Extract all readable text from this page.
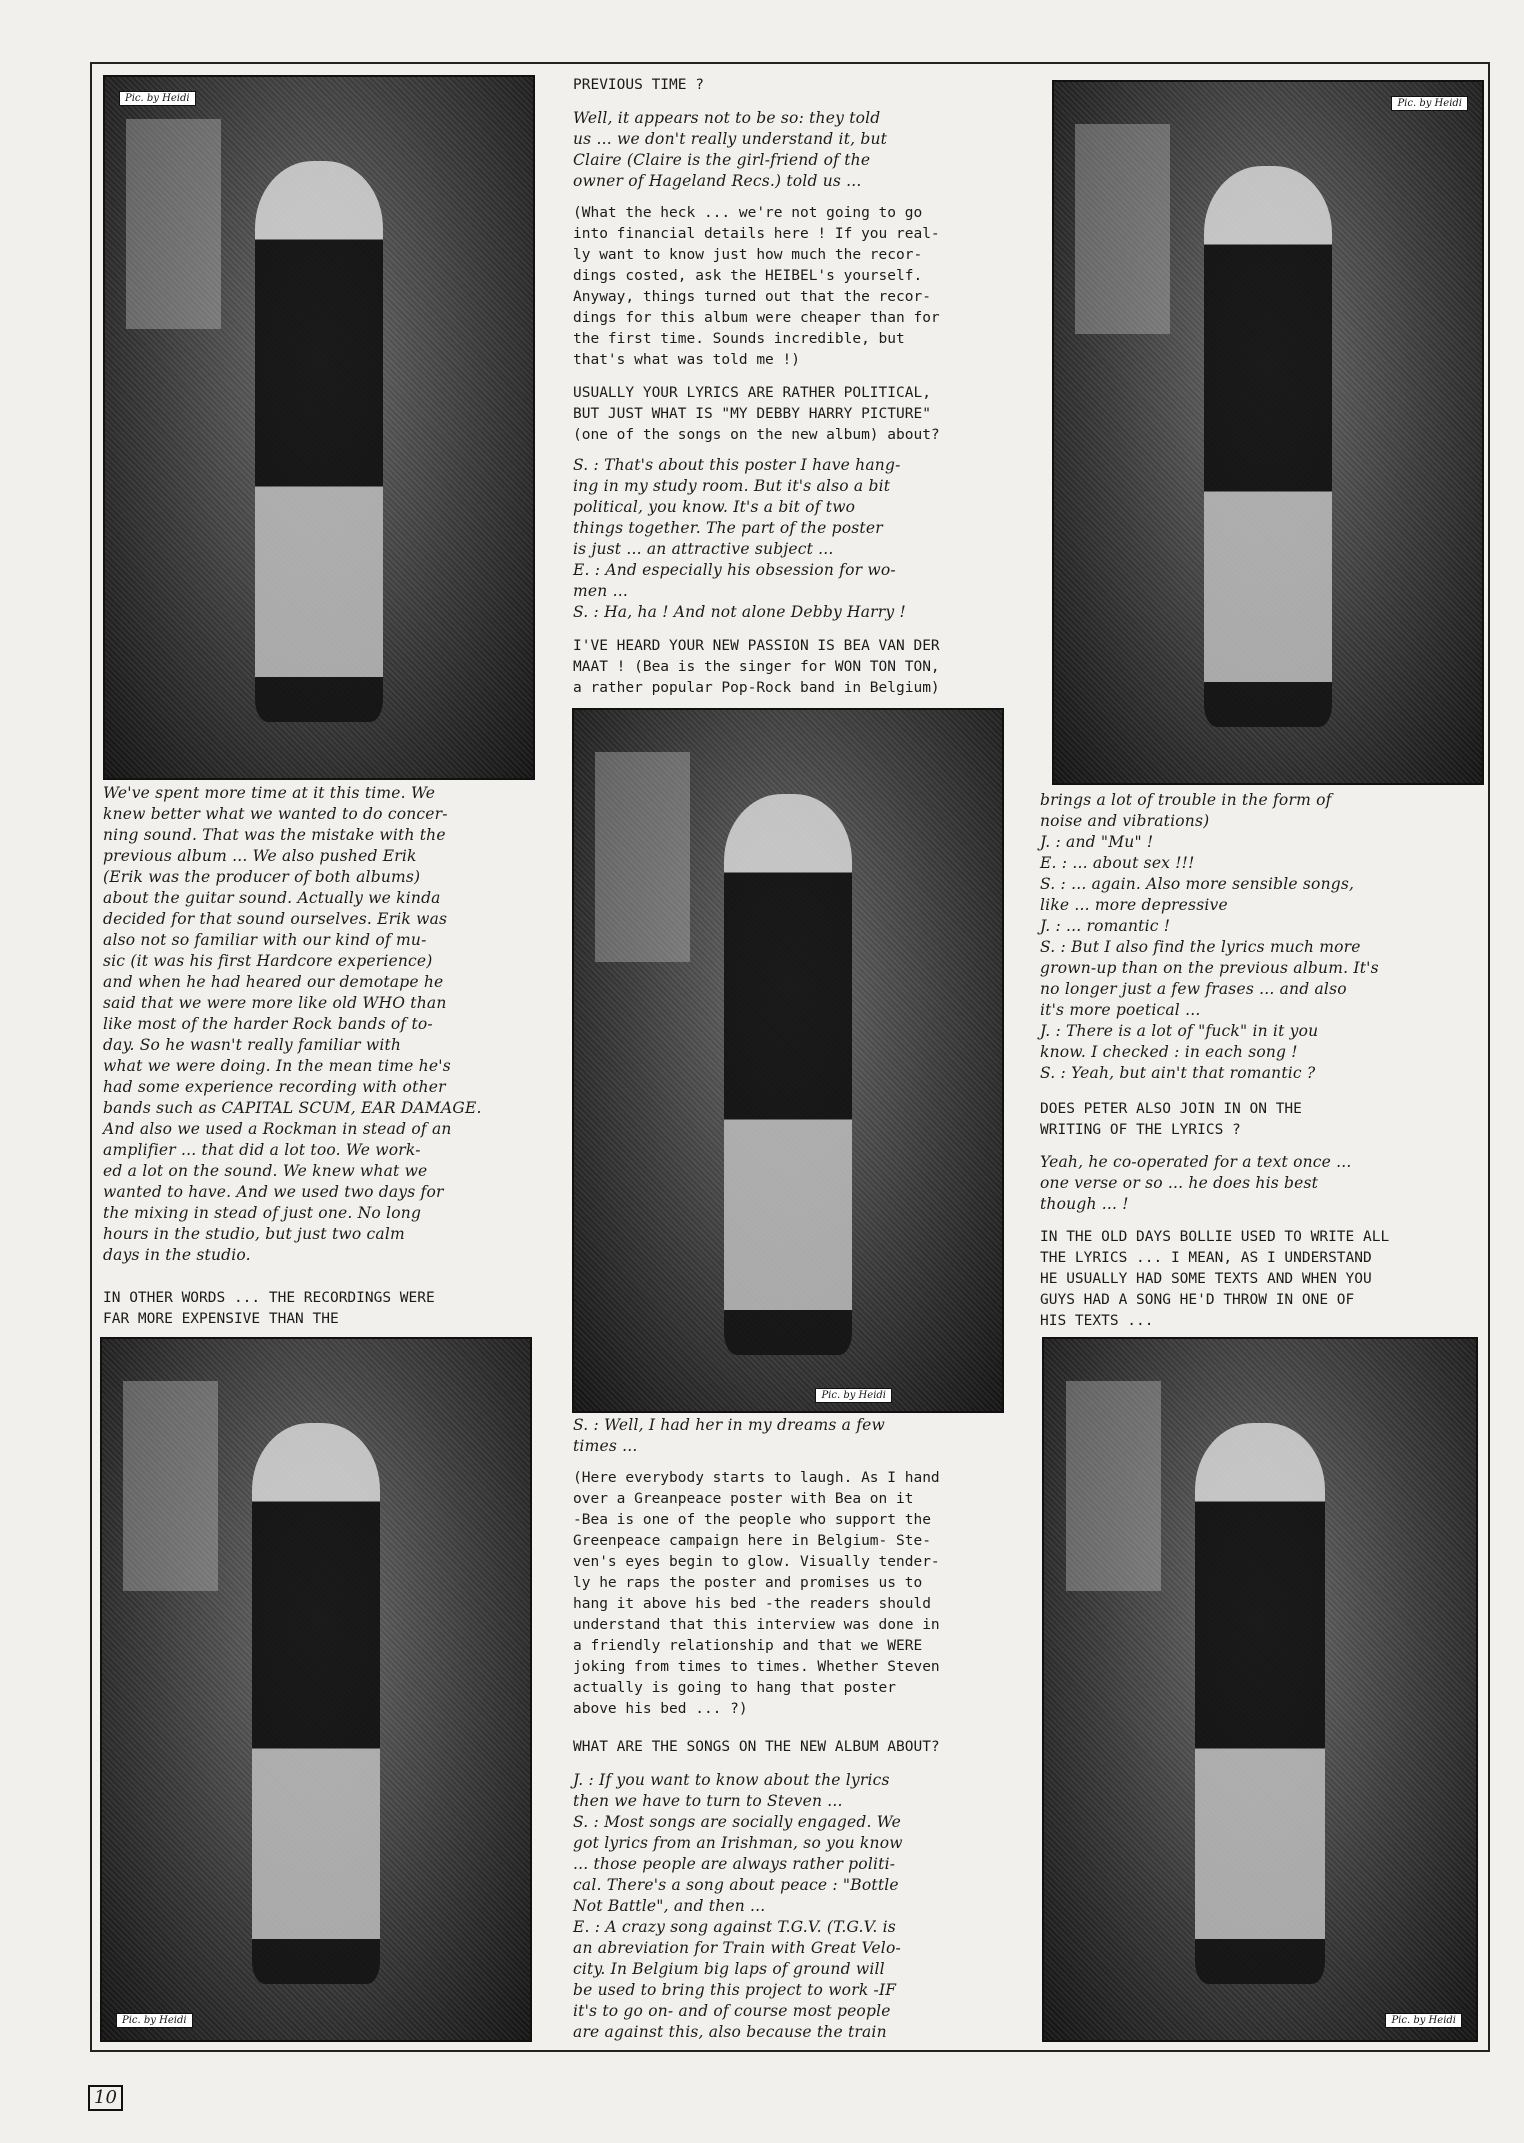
Pic. by Heidi	Pic. by Heidi
Pic. by Heidi
Pic. by Heidi	Pic. by Heidi
We've spent more time at it this time. We
knew better what we wanted to do concer-
ning sound. That was the mistake with the
previous album ... We also pushed Erik
(Erik was the producer of both albums)
about the guitar sound. Actually we kinda
decided for that sound ourselves. Erik was
also not so familiar with our kind of mu-
sic (it was his first Hardcore experience)
and when he had heared our demotape he
said that we were more like old WHO than
like most of the harder Rock bands of to-
day. So he wasn't really familiar with
what we were doing. In the mean time he's
had some experience recording with other
bands such as CAPITAL SCUM, EAR DAMAGE.
And also we used a Rockman in stead of an
amplifier ... that did a lot too. We work-
ed a lot on the sound. We knew what we
wanted to have. And we used two days for
the mixing in stead of just one. No long
hours in the studio, but just two calm
days in the studio.
IN OTHER WORDS ... THE RECORDINGS WERE
FAR MORE EXPENSIVE THAN THE
PREVIOUS TIME ?
Well, it appears not to be so: they told
us ... we don't really understand it, but
Claire (Claire is the girl-friend of the
owner of Hageland Recs.) told us ...
(What the heck ... we're not going to go
into financial details here ! If you real-
ly want to know just how much the recor-
dings costed, ask the HEIBEL's yourself.
Anyway, things turned out that the recor-
dings for this album were cheaper than for
the first time. Sounds incredible, but
that's what was told me !)
USUALLY YOUR LYRICS ARE RATHER POLITICAL,
BUT JUST WHAT IS "MY DEBBY HARRY PICTURE"
(one of the songs on the new album) about?
S. : That's about this poster I have hang-
ing in my study room. But it's also a bit
political, you know. It's a bit of two
things together. The part of the poster
is just ... an attractive subject ...
E. : And especially his obsession for wo-
men ...
S. : Ha, ha ! And not alone Debby Harry !
I'VE HEARD YOUR NEW PASSION IS BEA VAN DER
MAAT ! (Bea is the singer for WON TON TON,
a rather popular Pop-Rock band in Belgium)
S. : Well, I had her in my dreams a few
times ...
(Here everybody starts to laugh. As I hand
over a Greanpeace poster with Bea on it
-Bea is one of the people who support the
Greenpeace campaign here in Belgium- Ste-
ven's eyes begin to glow. Visually tender-
ly he raps the poster and promises us to
hang it above his bed -the readers should
understand that this interview was done in
a friendly relationship and that we WERE
joking from times to times. Whether Steven
actually is going to hang that poster
above his bed ... ?)
WHAT ARE THE SONGS ON THE NEW ALBUM ABOUT?
J. : If you want to know about the lyrics
then we have to turn to Steven ...
S. : Most songs are socially engaged. We
got lyrics from an Irishman, so you know
... those people are always rather politi-
cal. There's a song about peace : "Bottle
Not Battle", and then ...
E. : A crazy song against T.G.V. (T.G.V. is
an abreviation for Train with Great Velo-
city. In Belgium big laps of ground will
be used to bring this project to work -IF
it's to go on- and of course most people
are against this, also because the train
brings a lot of trouble in the form of
noise and vibrations)
J. : and "Mu" !
E. : ... about sex !!!
S. : ... again. Also more sensible songs,
like ... more depressive
J. : ... romantic !
S. : But I also find the lyrics much more
grown-up than on the previous album. It's
no longer just a few frases ... and also
it's more poetical ...
J. : There is a lot of "fuck" in it you
know. I checked : in each song !
S. : Yeah, but ain't that romantic ?
DOES PETER ALSO JOIN IN ON THE
WRITING OF THE LYRICS ?
Yeah, he co-operated for a text once ...
one verse or so ... he does his best
though ... !
IN THE OLD DAYS BOLLIE USED TO WRITE ALL
THE LYRICS ... I MEAN, AS I UNDERSTAND
HE USUALLY HAD SOME TEXTS AND WHEN YOU
GUYS HAD A SONG HE'D THROW IN ONE OF
HIS TEXTS ...
10
